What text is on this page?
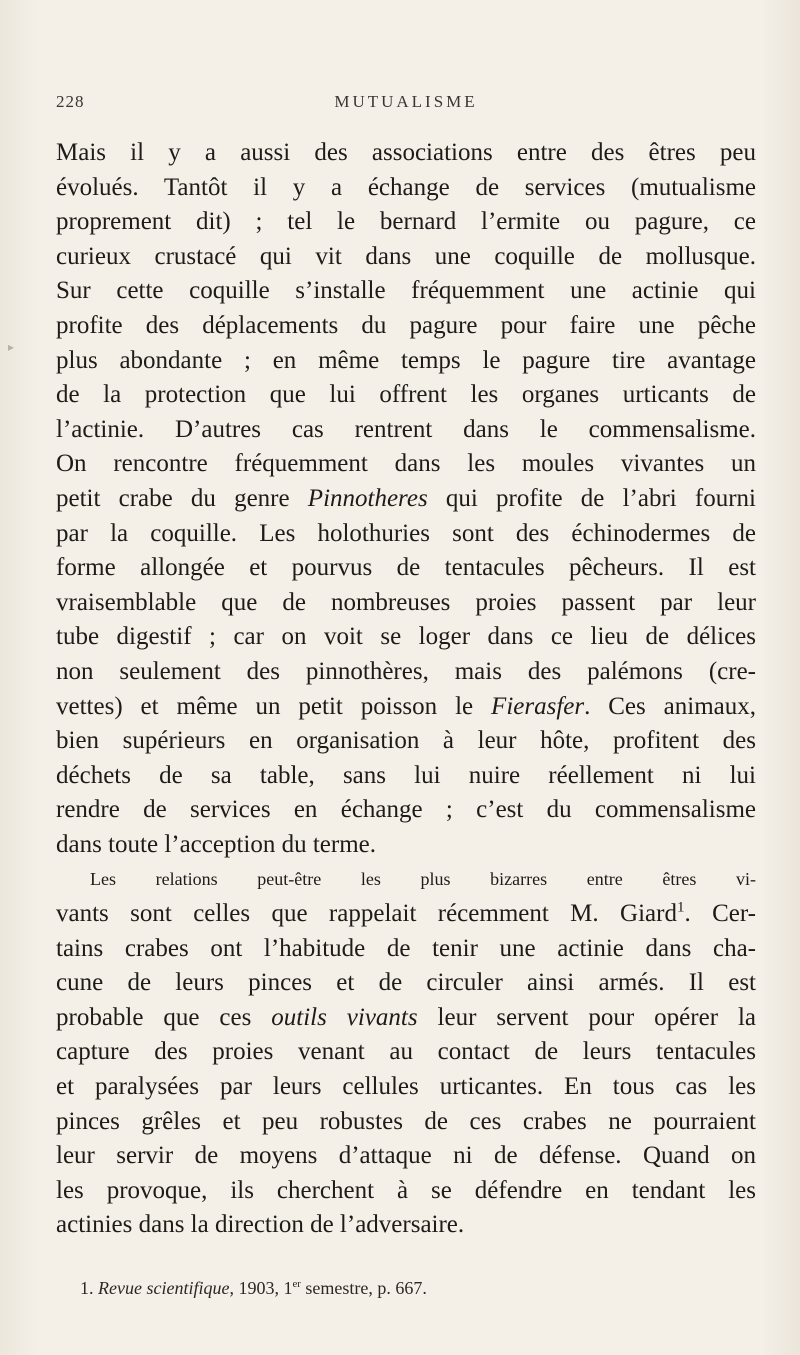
228	MUTUALISME
Mais il y a aussi des associations entre des êtres peu
évolués. Tantôt il y a échange de services (mutualisme
proprement dit) ; tel le bernard l’ermite ou pagure, ce
curieux crustacé qui vit dans une coquille de mollusque.
Sur cette coquille s’installe fréquemment une actinie qui
profite des déplacements du pagure pour faire une pêche
plus abondante ; en même temps le pagure tire avantage
de la protection que lui offrent les organes urticants de
l’actinie. D’autres cas rentrent dans le commensalisme.
On rencontre fréquemment dans les moules vivantes un
petit crabe du genre Pinnotheres qui profite de l’abri fourni
par la coquille. Les holothuries sont des échinodermes de
forme allongée et pourvus de tentacules pêcheurs. Il est
vraisemblable que de nombreuses proies passent par leur
tube digestif ; car on voit se loger dans ce lieu de délices
non seulement des pinnothères, mais des palémons (cre-
vettes) et même un petit poisson le Fierasfer. Ces animaux,
bien supérieurs en organisation à leur hôte, profitent des
déchets de sa table, sans lui nuire réellement ni lui
rendre de services en échange ; c’est du commensalisme
dans toute l’acception du terme.
Les relations peut-être les plus bizarres entre êtres vi-
vants sont celles que rappelait récemment M. Giard$^1$. Cer-
tains crabes ont l’habitude de tenir une actinie dans cha-
cune de leurs pinces et de circuler ainsi armés. Il est
probable que ces outils vivants leur servent pour opérer la
capture des proies venant au contact de leurs tentacules
et paralysées par leurs cellules urticantes. En tous cas les
pinces grêles et peu robustes de ces crabes ne pourraient
leur servir de moyens d’attaque ni de défense. Quand on
les provoque, ils cherchent à se défendre en tendant les
actinies dans la direction de l’adversaire.
1. Revue scientifique, 1903, 1er semestre, p. 667.
▸
